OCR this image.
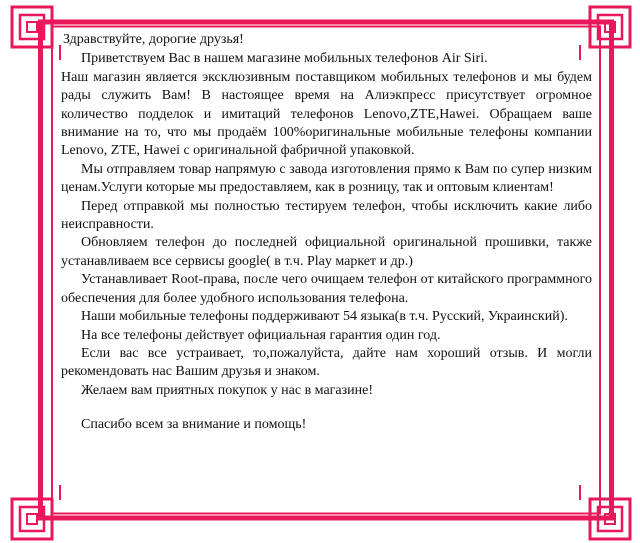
Здравствуйте, дорогие друзья!

Приветствуем Вас в нашем магазине мобильных телефонов Air Siri.

Наш магазин является эксклюзивным поставщиком мобильных телефонов и мы будем рады служить Вам! В настоящее время на Алиэкпресс присутствует огромное количество подделок и имитаций телефонов Lenovo,ZTE,Hawei. Обращаем ваше внимание на то, что мы продаём 100%оригинальные мобильные телефоны компании Lenovo, ZTE, Hawei с оригинальной фабричной упаковкой.

Мы отправляем товар напрямую с завода изготовления прямо к Вам по супер низким ценам.Услуги которые мы предоставляем, как в розницу, так и оптовым клиентам!

Перед отправкой мы полностью тестируем телефон, чтобы исключить какие либо неисправности.

Обновляем телефон до последней официальной оригинальной прошивки, также устанавливаем все сервисы google( в т.ч. Play маркет и др.)

Устанавливает Root-права, после чего очищаем телефон от китайского программного обеспечения для более удобного использования телефона.

Наши мобильные телефоны поддерживают 54 языка(в т.ч. Русский, Украинский).

На все телефоны действует официальная гарантия один год.

Если вас все устраивает, то,пожалуйста, дайте нам хороший отзыв. И могли рекомендовать нас Вашим друзья и знаком.

Желаем вам приятных покупок у нас в магазине!

Спасибо всем за внимание и помощь!
